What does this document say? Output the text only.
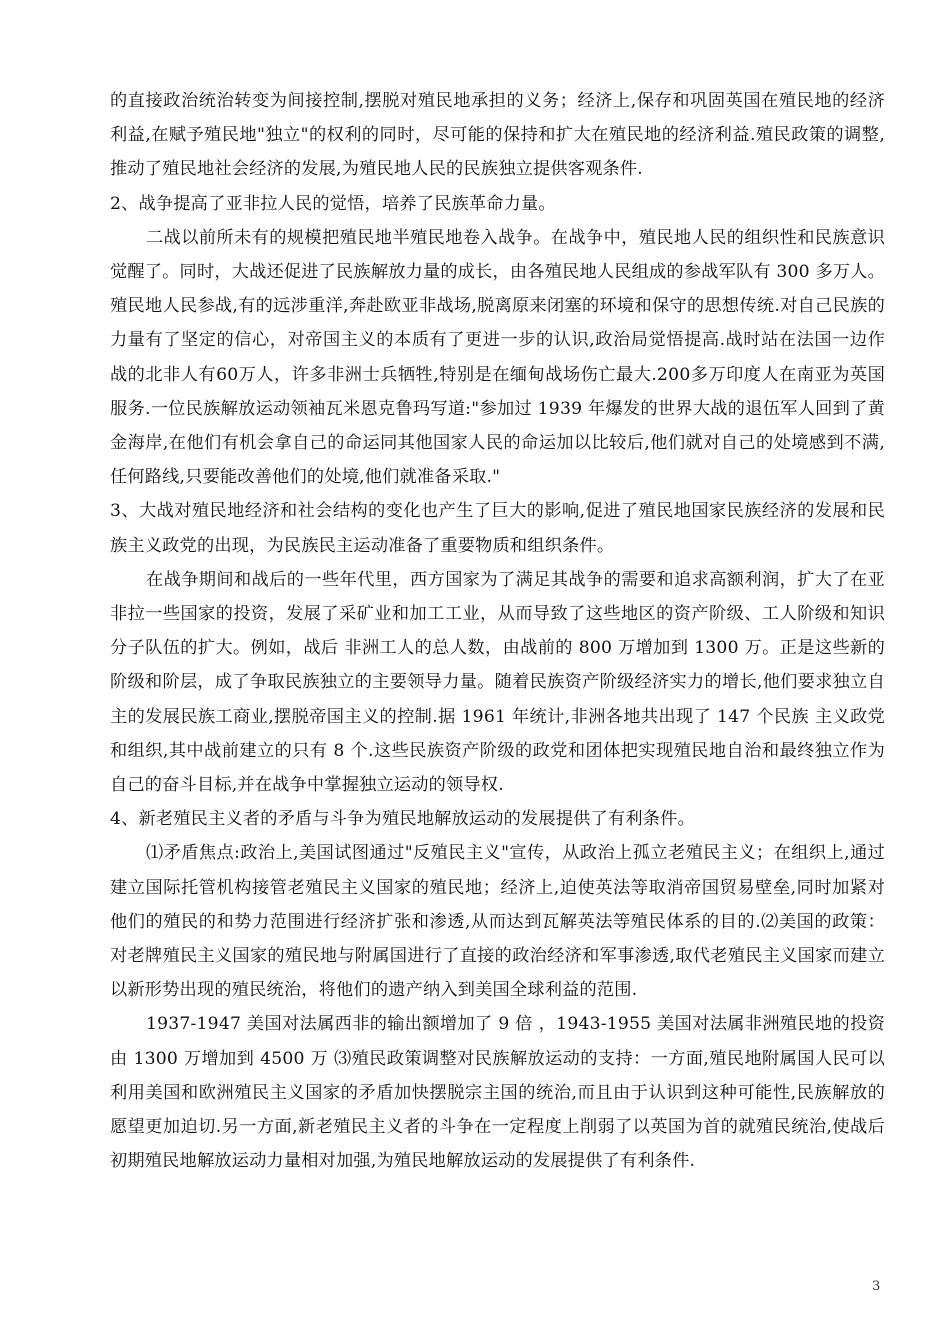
的直接政治统治转变为间接控制,摆脱对殖民地承担的义务；经济上,保存和巩固英国在殖民地的经济利益,在赋予殖民地"独立"的权利的同时，尽可能的保持和扩大在殖民地的经济利益.殖民政策的调整,推动了殖民地社会经济的发展,为殖民地人民的民族独立提供客观条件.

2、战争提高了亚非拉人民的觉悟，培养了民族革命力量。

二战以前所未有的规模把殖民地半殖民地卷入战争。在战争中，殖民地人民的组织性和民族意识觉醒了。同时，大战还促进了民族解放力量的成长，由各殖民地人民组成的参战军队有 300 多万人。殖民地人民参战,有的远涉重洋,奔赴欧亚非战场,脱离原来闭塞的环境和保守的思想传统.对自己民族的力量有了坚定的信心，对帝国主义的本质有了更进一步的认识,政治局觉悟提高.战时站在法国一边作战的北非人有60万人，许多非洲士兵牺牲,特别是在缅甸战场伤亡最大.200多万印度人在南亚为英国服务.一位民族解放运动领袖瓦米恩克鲁玛写道:"参加过 1939 年爆发的世界大战的退伍军人回到了黄金海岸,在他们有机会拿自己的命运同其他国家人民的命运加以比较后,他们就对自己的处境感到不满,任何路线,只要能改善他们的处境,他们就准备采取."

3、大战对殖民地经济和社会结构的变化也产生了巨大的影响,促进了殖民地国家民族经济的发展和民族主义政党的出现，为民族民主运动准备了重要物质和组织条件。

在战争期间和战后的一些年代里，西方国家为了满足其战争的需要和追求高额利润，扩大了在亚非拉一些国家的投资，发展了采矿业和加工工业，从而导致了这些地区的资产阶级、工人阶级和知识分子队伍的扩大。例如，战后 非洲工人的总人数，由战前的 800 万增加到 1300 万。正是这些新的阶级和阶层，成了争取民族独立的主要领导力量。随着民族资产阶级经济实力的增长,他们要求独立自主的发展民族工商业,摆脱帝国主义的控制.据 1961 年统计,非洲各地共出现了 147 个民族 主义政党和组织,其中战前建立的只有 8 个.这些民族资产阶级的政党和团体把实现殖民地自治和最终独立作为自己的奋斗目标,并在战争中掌握独立运动的领导权.

4、新老殖民主义者的矛盾与斗争为殖民地解放运动的发展提供了有利条件。

⑴矛盾焦点:政治上,美国试图通过"反殖民主义"宣传，从政治上孤立老殖民主义；在组织上,通过建立国际托管机构接管老殖民主义国家的殖民地；经济上,迫使英法等取消帝国贸易壁垒,同时加紧对他们的殖民的和势力范围进行经济扩张和渗透,从而达到瓦解英法等殖民体系的目的.⑵美国的政策：对老牌殖民主义国家的殖民地与附属国进行了直接的政治经济和军事渗透,取代老殖民主义国家而建立以新形势出现的殖民统治，将他们的遗产纳入到美国全球利益的范围.

1937-1947 美国对法属西非的输出额增加了 9 倍 ，1943-1955 美国对法属非洲殖民地的投资由 1300 万增加到 4500 万 ⑶殖民政策调整对民族解放运动的支持：一方面,殖民地附属国人民可以利用美国和欧洲殖民主义国家的矛盾加快摆脱宗主国的统治,而且由于认识到这种可能性,民族解放的愿望更加迫切.另一方面,新老殖民主义者的斗争在一定程度上削弱了以英国为首的就殖民统治,使战后初期殖民地解放运动力量相对加强,为殖民地解放运动的发展提供了有利条件.

3
